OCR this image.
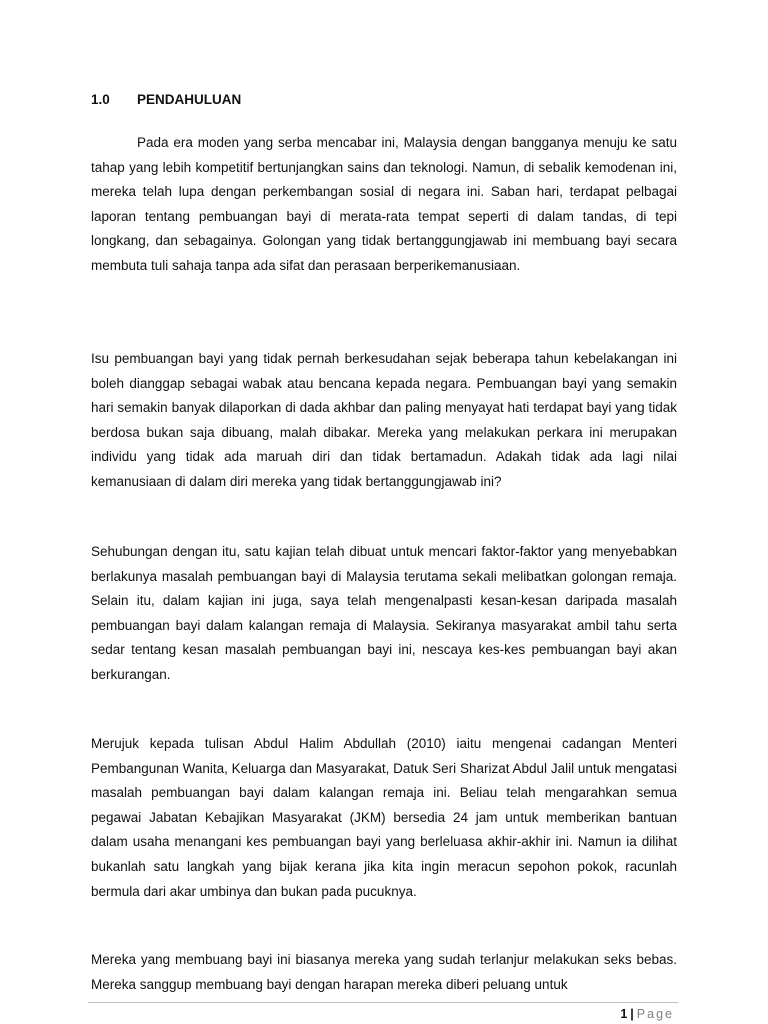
1.0 PENDAHULUAN

Pada era moden yang serba mencabar ini, Malaysia dengan bangganya menuju ke satu tahap yang lebih kompetitif bertunjangkan sains dan teknologi. Namun, di sebalik kemodenan ini, mereka telah lupa dengan perkembangan sosial di negara ini. Saban hari, terdapat pelbagai laporan tentang pembuangan bayi di merata-rata tempat seperti di dalam tandas, di tepi longkang, dan sebagainya. Golongan yang tidak bertanggungjawab ini membuang bayi secara membuta tuli sahaja tanpa ada sifat dan perasaan berperikemanusiaan.

Isu pembuangan bayi yang tidak pernah berkesudahan sejak beberapa tahun kebelakangan ini boleh dianggap sebagai wabak atau bencana kepada negara. Pembuangan bayi yang semakin hari semakin banyak dilaporkan di dada akhbar dan paling menyayat hati terdapat bayi yang tidak berdosa bukan saja dibuang, malah dibakar. Mereka yang melakukan perkara ini merupakan individu yang tidak ada maruah diri dan tidak bertamadun. Adakah tidak ada lagi nilai kemanusiaan di dalam diri mereka yang tidak bertanggungjawab ini?

Sehubungan dengan itu, satu kajian telah dibuat untuk mencari faktor-faktor yang menyebabkan berlakunya masalah pembuangan bayi di Malaysia terutama sekali melibatkan golongan remaja. Selain itu, dalam kajian ini juga, saya telah mengenalpasti kesan-kesan daripada masalah pembuangan bayi dalam kalangan remaja di Malaysia. Sekiranya masyarakat ambil tahu serta sedar tentang kesan masalah pembuangan bayi ini, nescaya kes-kes pembuangan bayi akan berkurangan.

Merujuk kepada tulisan Abdul Halim Abdullah (2010) iaitu mengenai cadangan Menteri Pembangunan Wanita, Keluarga dan Masyarakat, Datuk Seri Sharizat Abdul Jalil untuk mengatasi masalah pembuangan bayi dalam kalangan remaja ini. Beliau telah mengarahkan semua pegawai Jabatan Kebajikan Masyarakat (JKM) bersedia 24 jam untuk memberikan bantuan dalam usaha menangani kes pembuangan bayi yang berleluasa akhir-akhir ini. Namun ia dilihat bukanlah satu langkah yang bijak kerana jika kita ingin meracun sepohon pokok, racunlah bermula dari akar umbinya dan bukan pada pucuknya.

Mereka yang membuang bayi ini biasanya mereka yang sudah terlanjur melakukan seks bebas. Mereka sanggup membuang bayi dengan harapan mereka diberi peluang untuk

1 | Page
